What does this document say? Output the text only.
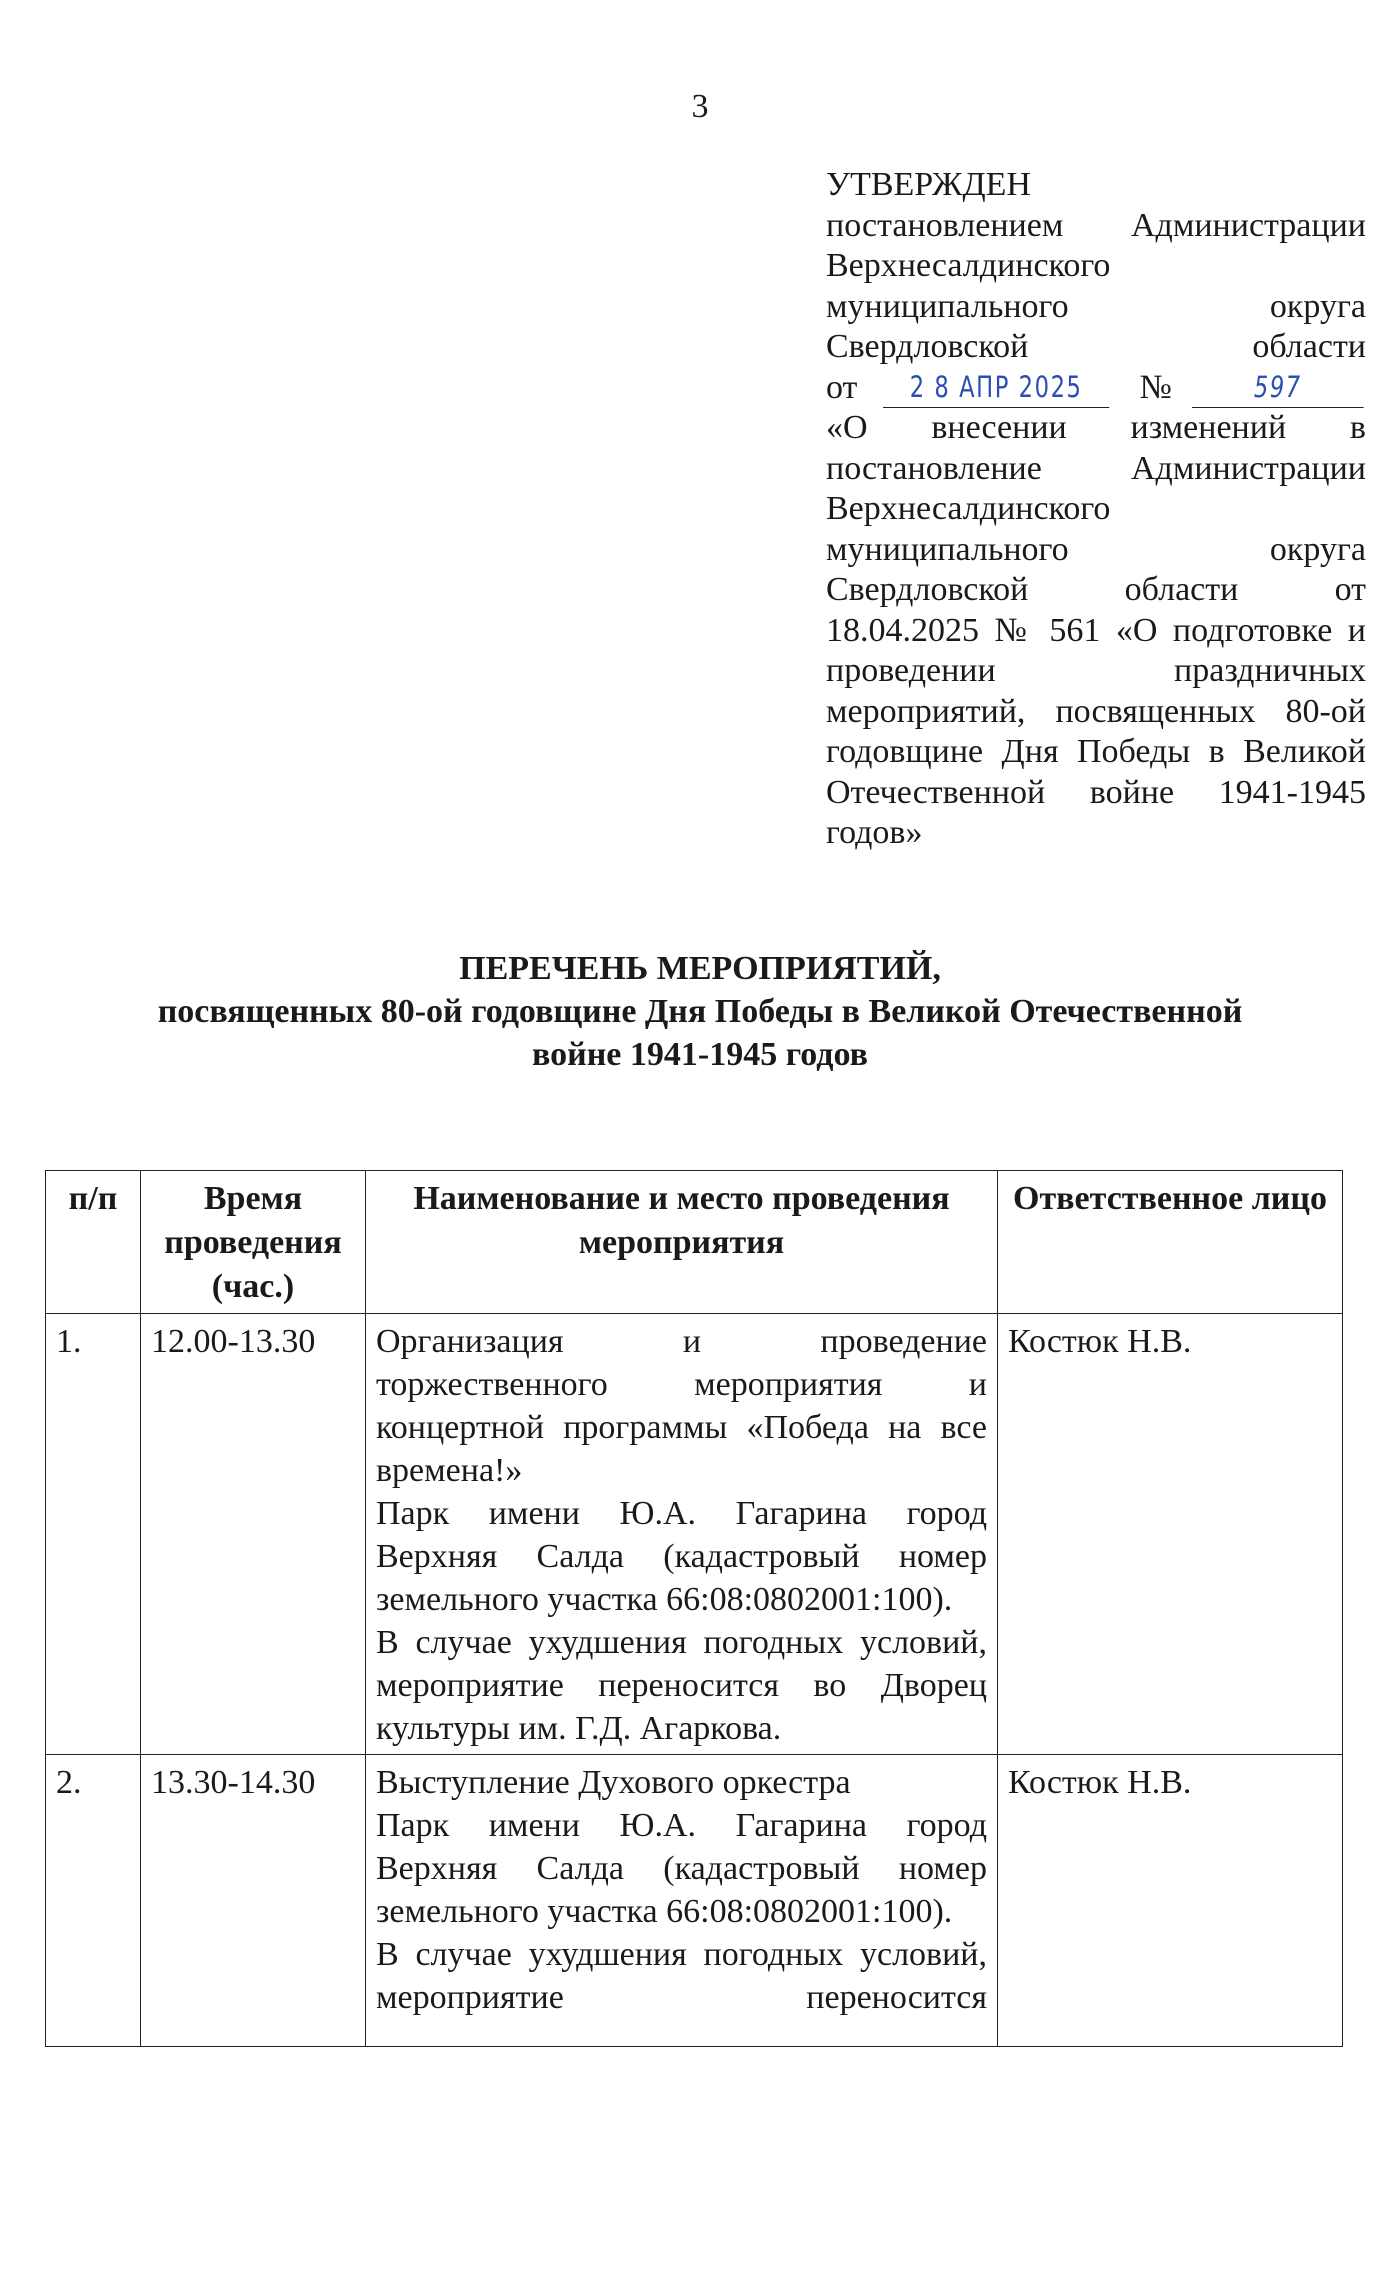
3
УТВЕРЖДЕН
постановлением Администрации
Верхнесалдинского
муниципального округа
Свердловской области
от	2 8 АПР 2025	№	597
«О внесении изменений в
постановление Администрации
Верхнесалдинского
муниципального округа
Свердловской области от
18.04.2025 № 561 «О подготовке и
проведении праздничных
мероприятий, посвященных 80-ой
годовщине Дня Победы в Великой
Отечественной войне 1941-1945
годов»
ПЕРЕЧЕНЬ МЕРОПРИЯТИЙ,
посвященных 80-ой годовщине Дня Победы в Великой Отечественной
войне 1941-1945 годов
п/п	Время проведения (час.)	Наименование и место проведения мероприятия	Ответственное лицо
1.	12.00-13.30	Организация и проведение торжественного мероприятия и концертной программы «Победа на все времена!»

Парк имени Ю.А. Гагарина город Верхняя Салда (кадастровый номер земельного участка 66:08:0802001:100).

В случае ухудшения погодных условий, мероприятие переносится во Дворец культуры им. Г.Д. Агаркова.	Костюк Н.В.
2.	13.30-14.30	Выступление Духового оркестра

Парк имени Ю.А. Гагарина город Верхняя Салда (кадастровый номер земельного участка 66:08:0802001:100).

В случае ухудшения погодных условий, мероприятие переносится	Костюк Н.В.
